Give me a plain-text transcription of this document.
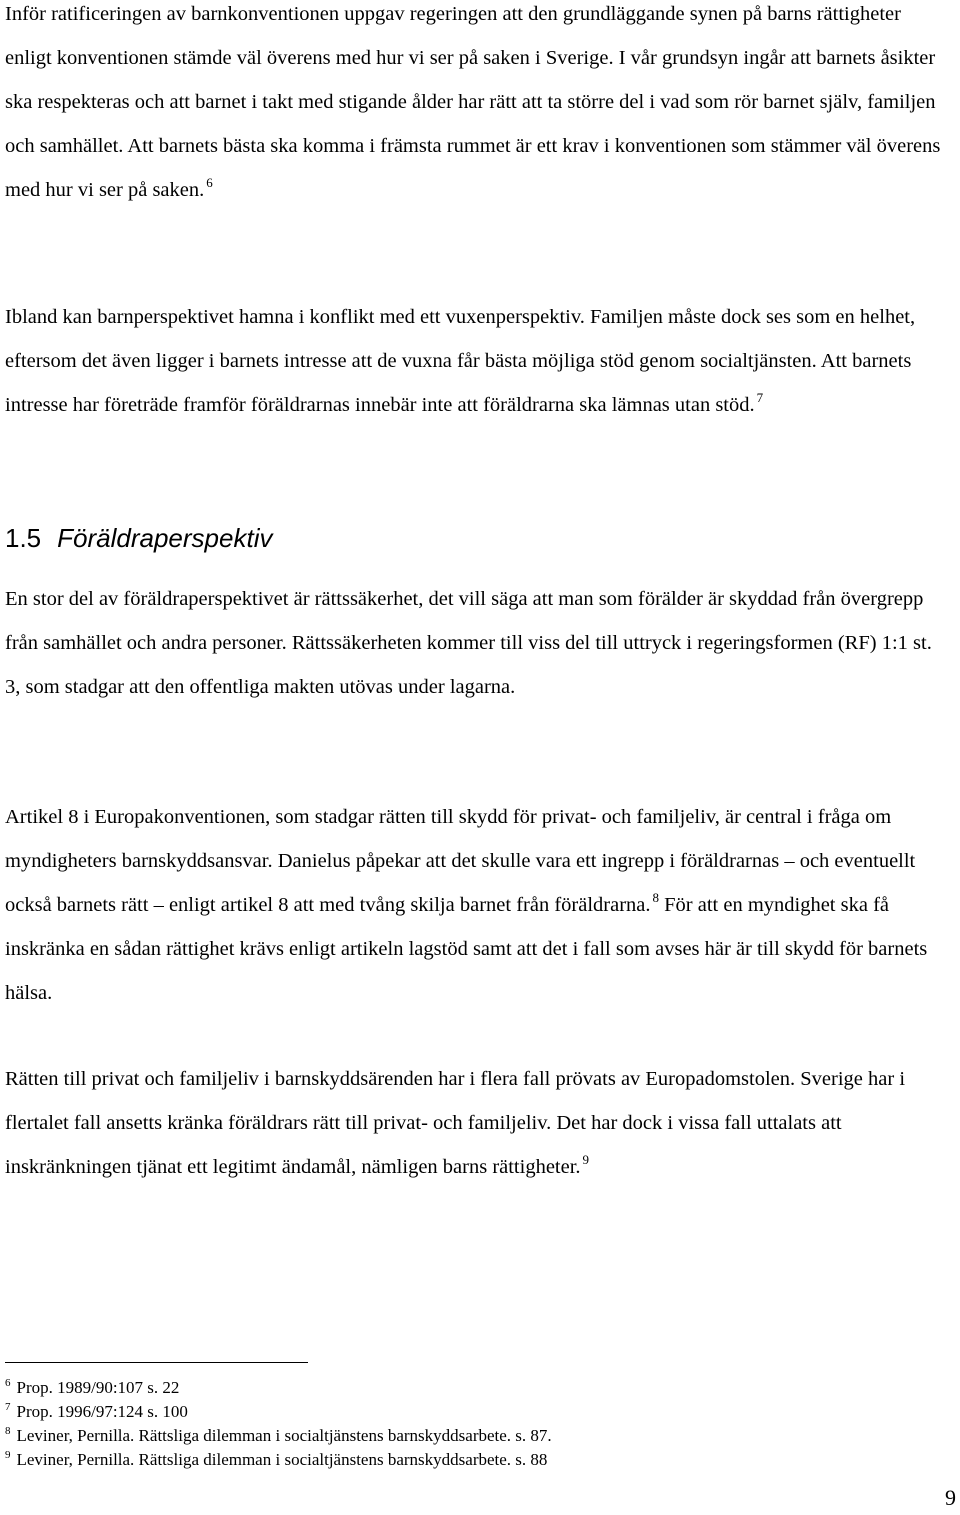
Inför ratificeringen av barnkonventionen uppgav regeringen att den grundläggande synen på barns rättigheter enligt konventionen stämde väl överens med hur vi ser på saken i Sverige. I vår grundsyn ingår att barnets åsikter ska respekteras och att barnet i takt med stigande ålder har rätt att ta större del i vad som rör barnet själv, familjen och samhället. Att barnets bästa ska komma i främsta rummet är ett krav i konventionen som stämmer väl överens med hur vi ser på saken. $^6$

Ibland kan barnperspektivet hamna i konflikt med ett vuxenperspektiv. Familjen måste dock ses som en helhet, eftersom det även ligger i barnets intresse att de vuxna får bästa möjliga stöd genom socialtjänsten. Att barnets intresse har företräde framför föräldrarnas innebär inte att föräldrarna ska lämnas utan stöd. $^7$

1.5 Föräldraperspektiv

En stor del av föräldraperspektivet är rättssäkerhet, det vill säga att man som förälder är skyddad från övergrepp från samhället och andra personer. Rättssäkerheten kommer till viss del till uttryck i regeringsformen (RF) 1:1 st. 3, som stadgar att den offentliga makten utövas under lagarna.

Artikel 8 i Europakonventionen, som stadgar rätten till skydd för privat- och familjeliv, är central i fråga om myndigheters barnskyddsansvar. Danielus påpekar att det skulle vara ett ingrepp i föräldrarnas – och eventuellt också barnets rätt – enligt artikel 8 att med tvång skilja barnet från föräldrarna. $^8$ För att en myndighet ska få inskränka en sådan rättighet krävs enligt artikeln lagstöd samt att det i fall som avses här är till skydd för barnets hälsa.

Rätten till privat och familjeliv i barnskyddsärenden har i flera fall prövats av Europadomstolen. Sverige har i flertalet fall ansetts kränka föräldrars rätt till privat- och familjeliv. Det har dock i vissa fall uttalats att inskränkningen tjänat ett legitimt ändamål, nämligen barns rättigheter. $^9$

$^6$ Prop. 1989/90:107 s. 22
$^7$ Prop. 1996/97:124 s. 100
$^8$ Leviner, Pernilla. Rättsliga dilemman i socialtjänstens barnskyddsarbete. s. 87.
$^9$ Leviner, Pernilla. Rättsliga dilemman i socialtjänstens barnskyddsarbete. s. 88
9
